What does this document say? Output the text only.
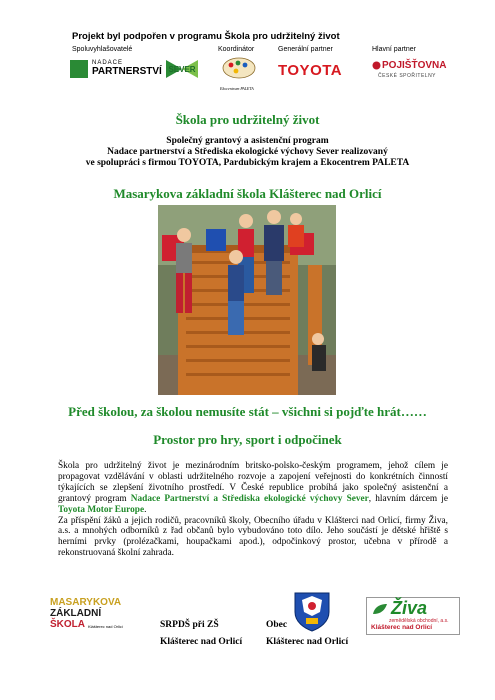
Projekt byl podpořen v programu Škola pro udržitelný život
Spoluvyhlašovatelé	Koordinátor	Generální partner	Hlavní partner
NADACE
PARTNERSTVÍ SEVER
Ekocentrum PALETA
TOYOTA	POJIŠŤOVNA
ČESKÉ SPOŘITELNY
Škola pro udržitelný život
Společný grantový a asistenční program
Nadace partnerství a Střediska ekologické výchovy Sever realizovaný
ve spolupráci s firmou TOYOTA, Pardubickým krajem a Ekocentrem PALETA
Masarykova základní škola Klášterec nad Orlicí
Před školou, za školou nemusíte stát – všichni si pojďte hrát……
Prostor pro hry, sport i odpočinek
Škola pro udržitelný život je mezinárodním britsko-polsko-českým programem, jehož cílem je propagovat vzdělávání v oblasti udržitelného rozvoje a zapojení veřejnosti do konkrétních činností týkajících se zlepšení životního prostředí. V České republice probíhá jako společný asistenční a grantový program Nadace Partnerství a Střediska ekologické výchovy Sever, hlavním dárcem je Toyota Motor Europe.
Za příspění žáků a jejich rodičů, pracovníků školy, Obecního úřadu v Klášterci nad Orlicí, firmy Živa, a.s. a mnohých odborníků z řad občanů bylo vybudováno toto dílo. Jeho součástí je dětské hřiště s herními prvky (prolézačkami, houpačkami apod.), odpočinkový prostor, učebna v přírodě a rekonstruovaná školní zahrada.
MASARYKOVA
ZÁKLADNÍ
ŠKOLA Klášterec nad Orlicí	SRPDŠ při ZŠ
Klášterec nad Orlicí
Obec
Klášterec nad Orlicí
Živa
zemědělská obchodní, a.s.
Klášterec nad Orlicí
